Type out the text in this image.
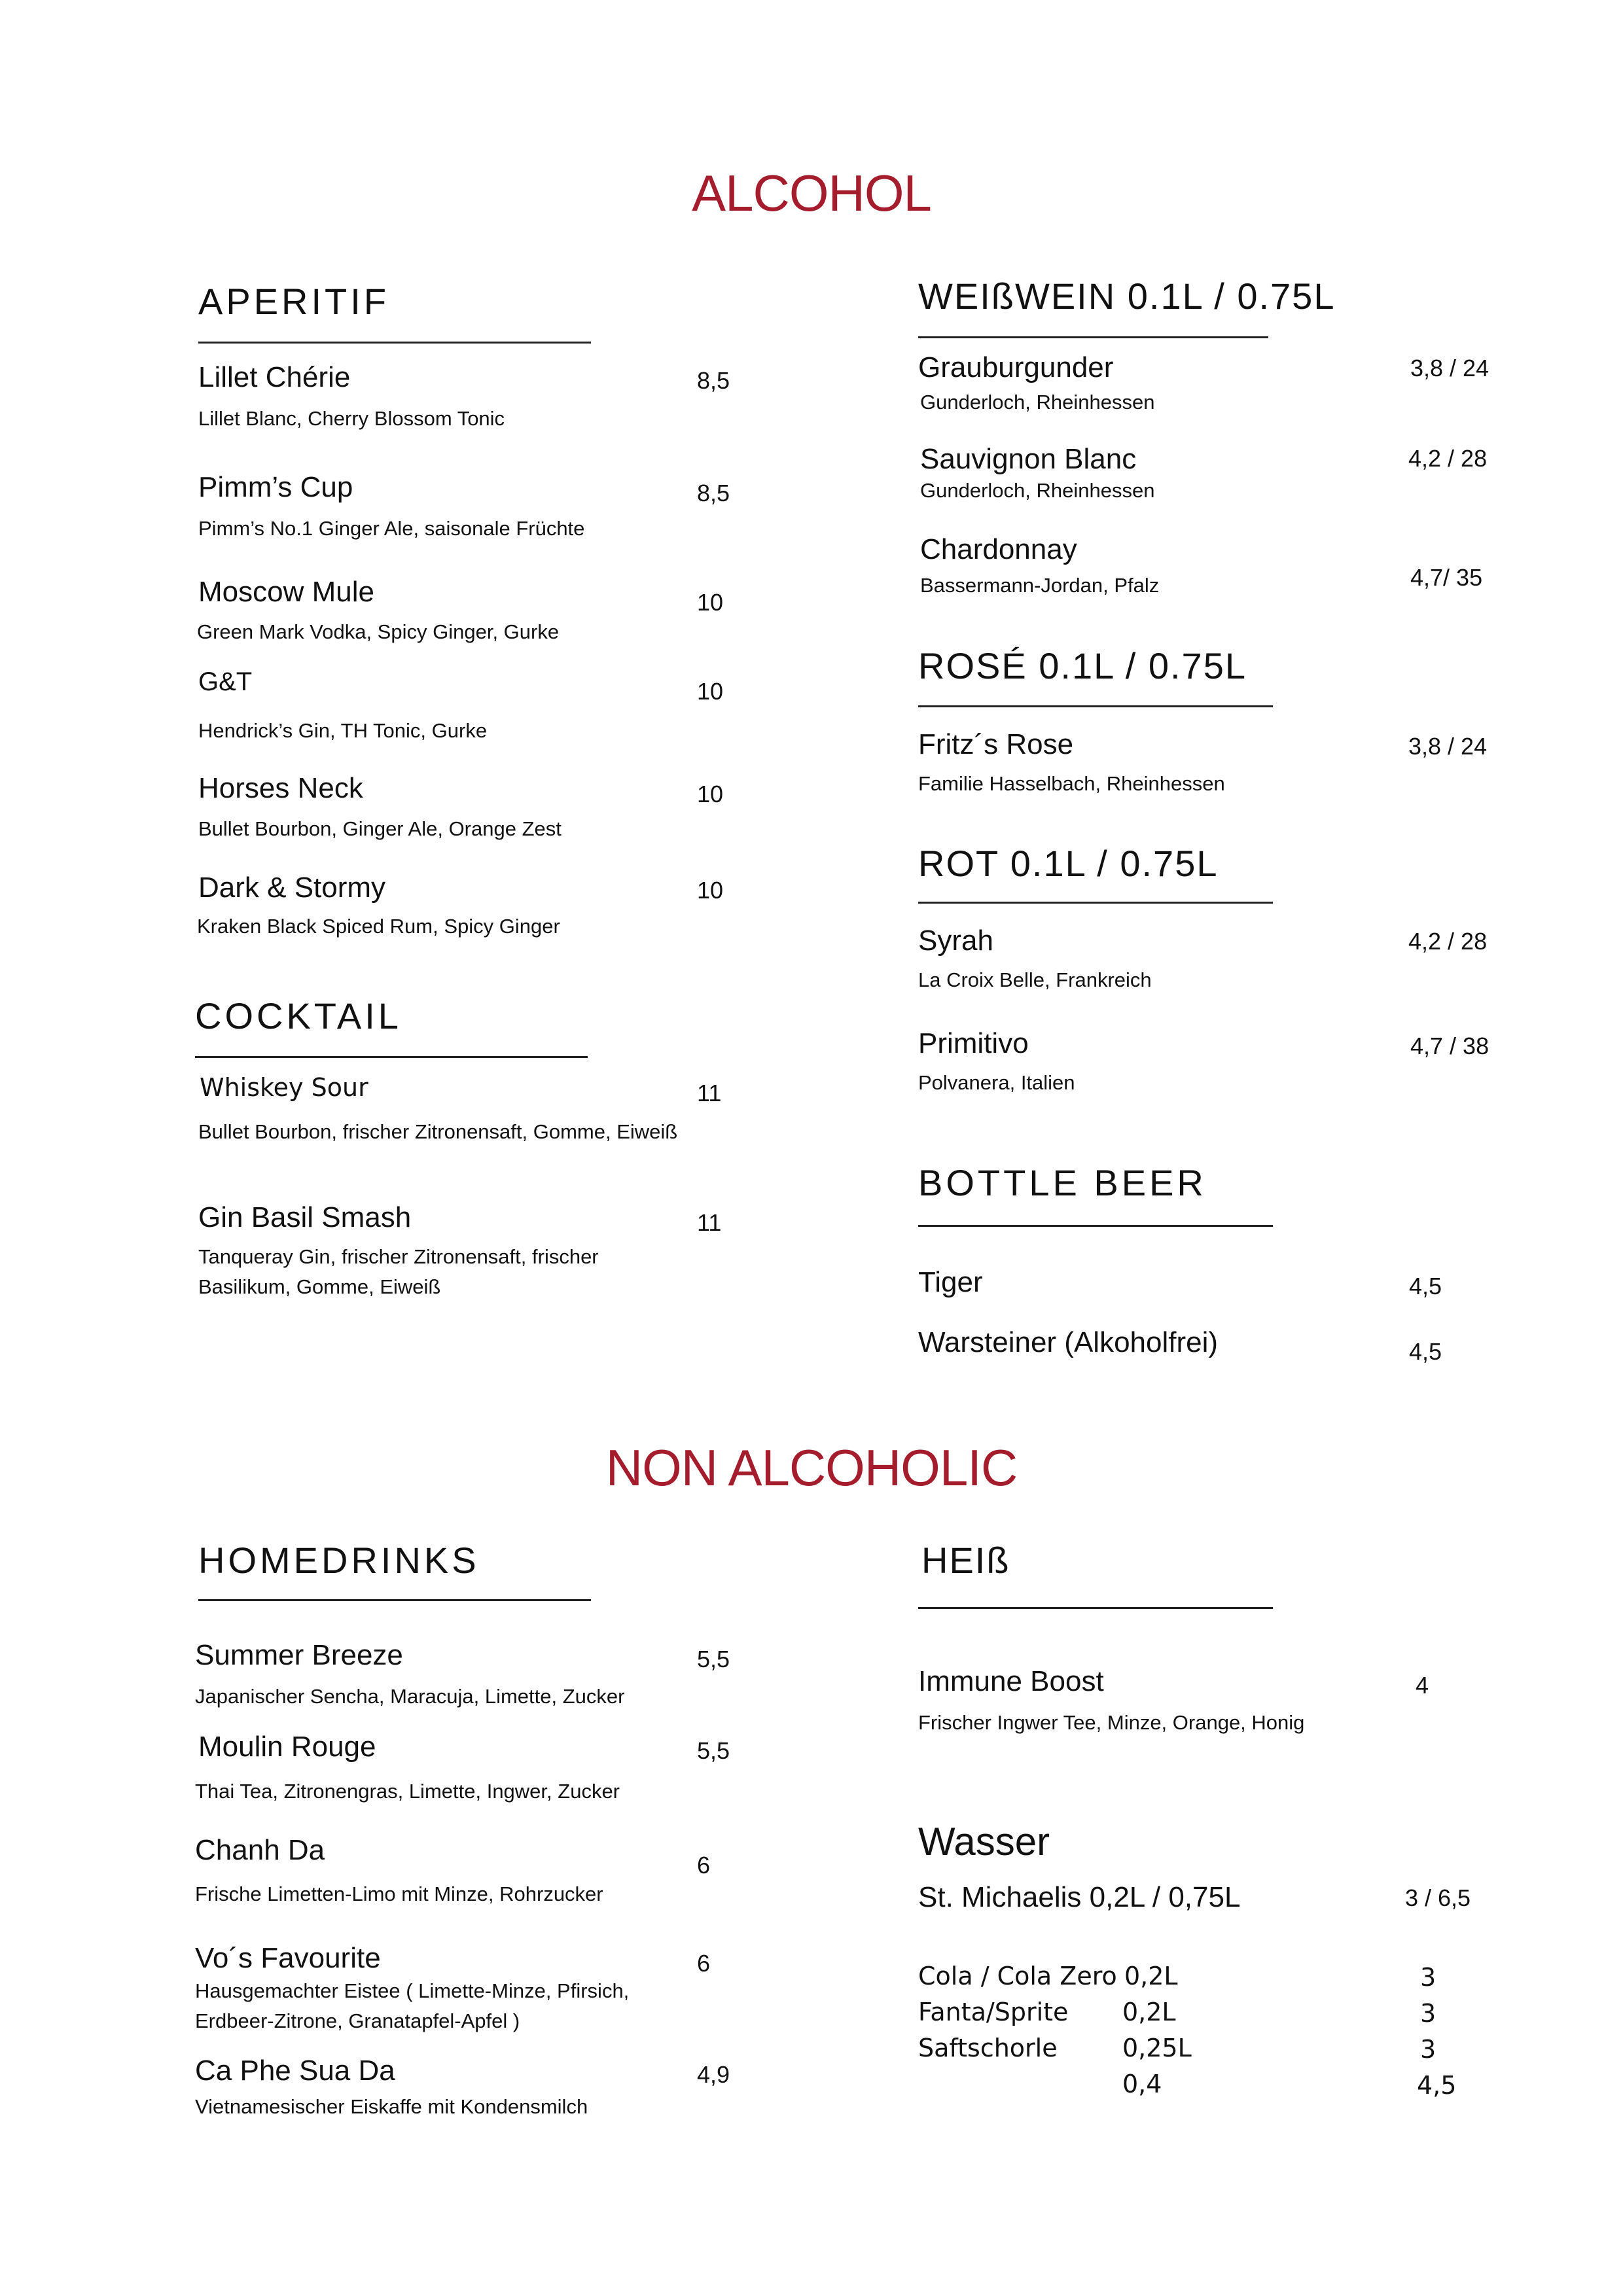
ALCOHOL
APERITIF
Lillet Chérie
Lillet Blanc, Cherry Blossom Tonic
8,5
Pimm’s Cup
Pimm’s No.1 Ginger Ale, saisonale Früchte
8,5
Moscow Mule
Green Mark Vodka, Spicy Ginger, Gurke
10
G&T
Hendrick’s Gin, TH Tonic, Gurke
10
Horses Neck
Bullet Bourbon, Ginger Ale, Orange Zest
10
Dark & Stormy
Kraken Black Spiced Rum, Spicy Ginger
10
COCKTAIL
Whiskey Sour
Bullet Bourbon, frischer Zitronensaft, Gomme, Eiweiß
11
Gin Basil Smash
Tanqueray Gin, frischer Zitronensaft, frischer Basilikum, Gomme, Eiweiß
11
WEIßWEIN 0.1L / 0.75L
Grauburgunder
Gunderloch, Rheinhessen
3,8 / 24
Sauvignon Blanc
Gunderloch, Rheinhessen
4,2 / 28
Chardonnay
Bassermann-Jordan, Pfalz	4,7/ 35
ROSÉ 0.1L / 0.75L
Fritz´s Rose
Familie Hasselbach, Rheinhessen
3,8 / 24
ROT 0.1L / 0.75L
Syrah
La Croix Belle, Frankreich
4,2 / 28
Primitivo
Polvanera, Italien
4,7 / 38
BOTTLE BEER
Tiger	4,5
Warsteiner (Alkoholfrei)	4,5
NON ALCOHOLIC
HOMEDRINKS
Summer Breeze
Japanischer Sencha, Maracuja, Limette, Zucker
5,5
Moulin Rouge
Thai Tea, Zitronengras, Limette, Ingwer, Zucker
5,5
Chanh Da
Frische Limetten-Limo mit Minze, Rohrzucker
6
Vo´s Favourite
Hausgemachter Eistee ( Limette-Minze, Pfirsich, Erdbeer-Zitrone, Granatapfel-Apfel )
6
Ca Phe Sua Da
Vietnamesischer Eiskaffe mit Kondensmilch
4,9
HEIß
Immune Boost
Frischer Ingwer Tee, Minze, Orange, Honig
4
Wasser
St. Michaelis 0,2L / 0,75L	3 / 6,5
Cola / Cola Zero 0,2L	3
Fanta/Sprite 0,2L	3
Saftschorle	0,25L	3
0,4	4,5
